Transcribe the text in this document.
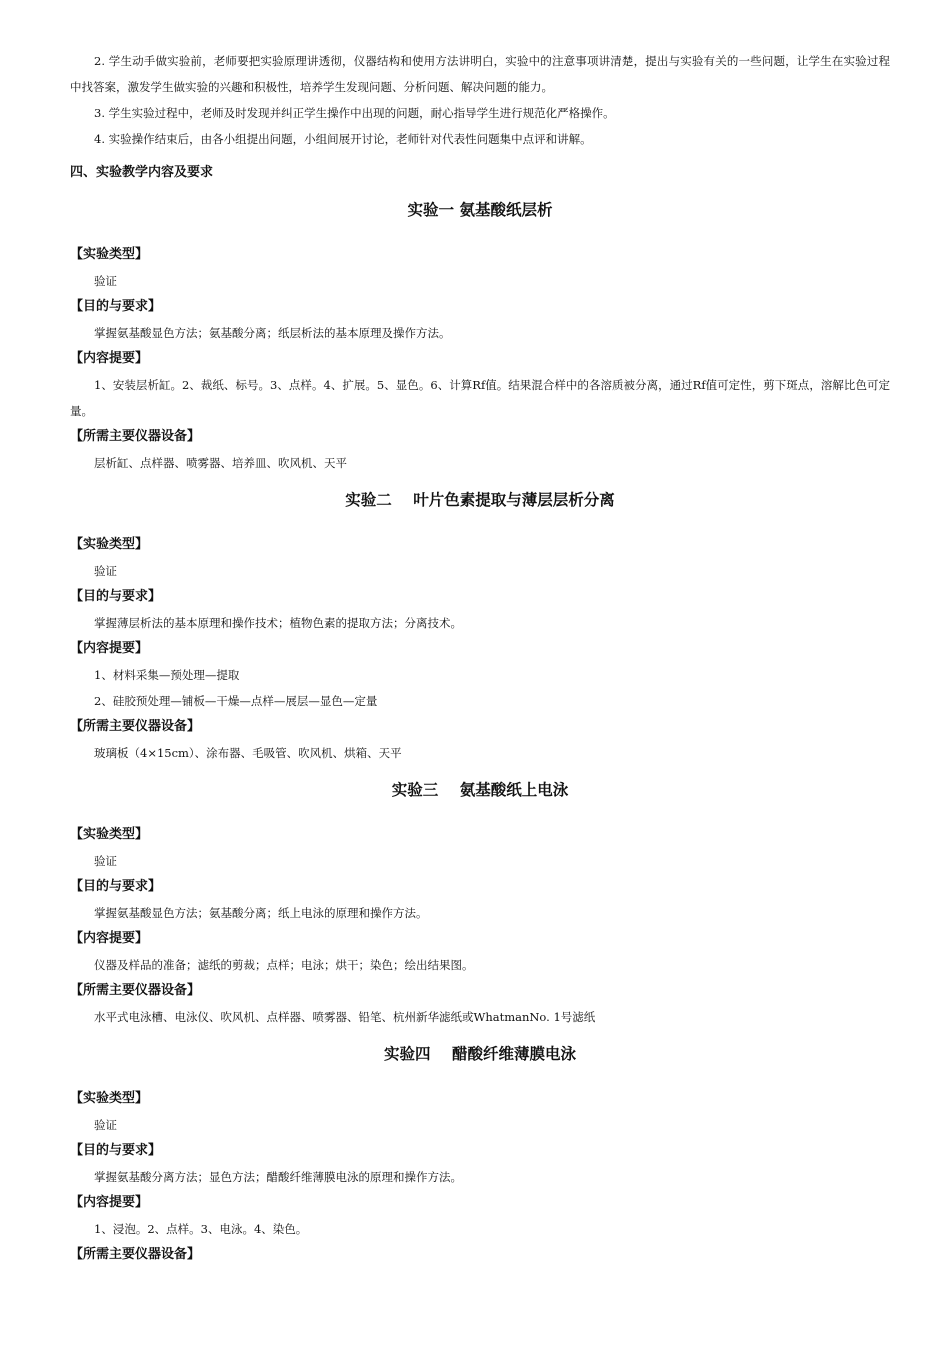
2. 学生动手做实验前，老师要把实验原理讲透彻，仪器结构和使用方法讲明白，实验中的注意事项讲清楚，提出与实验有关的一些问题，让学生在实验过程中找答案，激发学生做实验的兴趣和积极性，培养学生发现问题、分析问题、解决问题的能力。

3. 学生实验过程中，老师及时发现并纠正学生操作中出现的问题，耐心指导学生进行规范化严格操作。

4. 实验操作结束后，由各小组提出问题，小组间展开讨论，老师针对代表性问题集中点评和讲解。

四、实验教学内容及要求

实验一 氨基酸纸层析

【实验类型】

验证

【目的与要求】

掌握氨基酸显色方法；氨基酸分离；纸层析法的基本原理及操作方法。

【内容提要】

1、安装层析缸。2、裁纸、标号。3、点样。4、扩展。5、显色。6、计算Rf值。结果混合样中的各溶质被分离，通过Rf值可定性，剪下斑点，溶解比色可定量。

【所需主要仪器设备】

层析缸、点样器、喷雾器、培养皿、吹风机、天平

实验二    叶片色素提取与薄层层析分离

【实验类型】

验证

【目的与要求】

掌握薄层析法的基本原理和操作技术；植物色素的提取方法；分离技术。

【内容提要】

1、材料采集—预处理—提取

2、硅胶预处理—铺板—干燥—点样—展层—显色—定量

【所需主要仪器设备】

玻璃板（4×15cm）、涂布器、毛吸管、吹风机、烘箱、天平

实验三    氨基酸纸上电泳

【实验类型】

验证

【目的与要求】

掌握氨基酸显色方法；氨基酸分离；纸上电泳的原理和操作方法。

【内容提要】

仪器及样品的准备；滤纸的剪裁；点样；电泳；烘干；染色；绘出结果图。

【所需主要仪器设备】

水平式电泳槽、电泳仪、吹风机、点样器、喷雾器、铅笔、杭州新华滤纸或WhatmanNo. 1号滤纸

实验四    醋酸纤维薄膜电泳

【实验类型】

验证

【目的与要求】

掌握氨基酸分离方法；显色方法；醋酸纤维薄膜电泳的原理和操作方法。

【内容提要】

1、浸泡。2、点样。3、电泳。4、染色。

【所需主要仪器设备】
